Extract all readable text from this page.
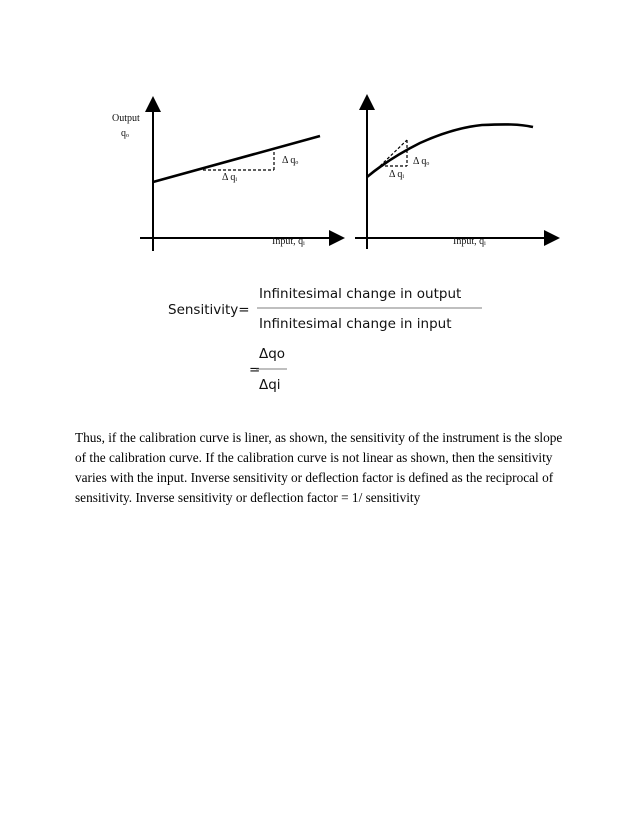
Output
qₒ
Δ qₒ
Δ qᵢ
Input, qᵢ
Δ qₒ
Δ qᵢ
Input, qᵢ
Sensitivity=
Infinitesimal change in output
Infinitesimal change in input
=
Δqo
Δqi

Thus, if the calibration curve is liner, as shown, the sensitivity of the instrument is the slope of the calibration curve. If the calibration curve is not linear as shown, then the sensitivity varies with the input. Inverse sensitivity or deflection factor is defined as the reciprocal of sensitivity. Inverse sensitivity or deflection factor = 1/ sensitivity
